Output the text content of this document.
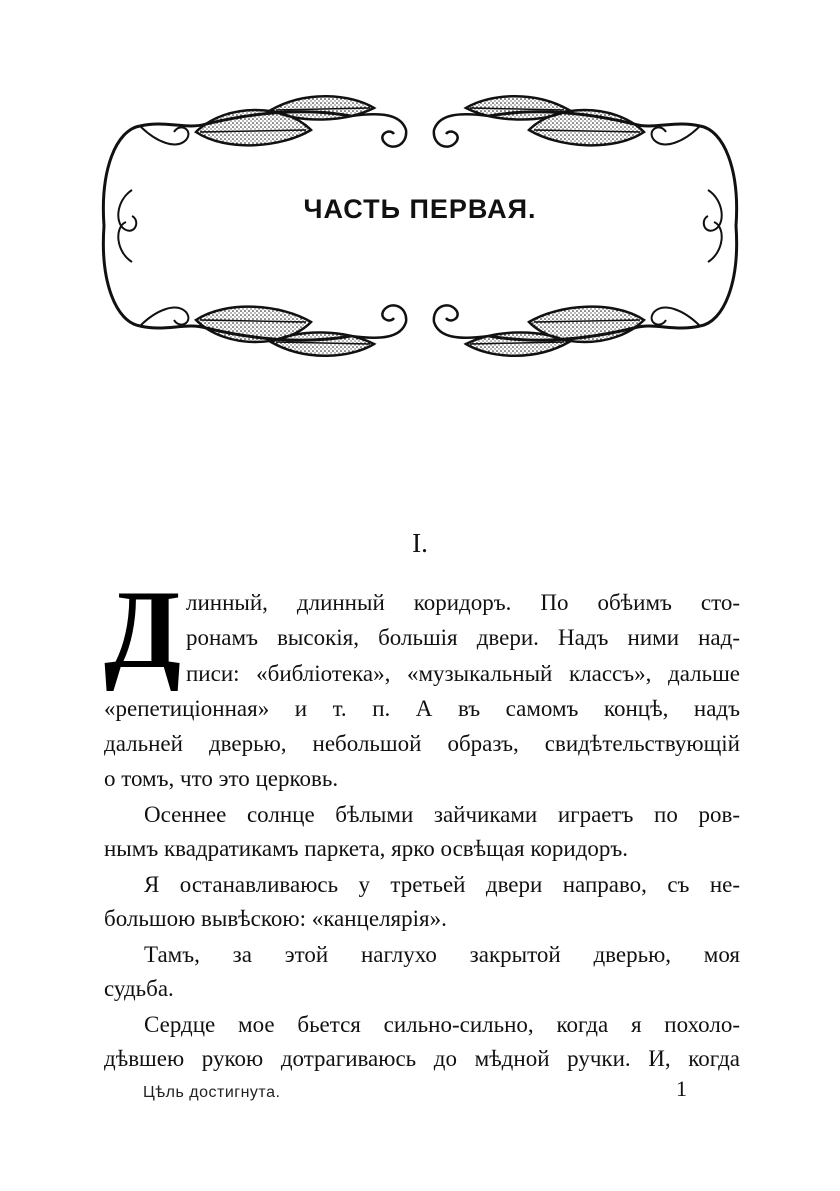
ЧАСТЬ ПЕРВАЯ.
I.
Д линный, длинный коридоръ. По обѣимъ сто-
ронамъ высокія, большія двери. Надъ ними над-
писи: «библіотека», «музыкальный классъ», дальше
«репетиціонная» и т. п. А въ самомъ концѣ, надъ
дальней дверью, небольшой образъ, свидѣтельствующій
о томъ, что это церковь.
Осеннее солнце бѣлыми зайчиками играетъ по ров-
нымъ квадратикамъ паркета, ярко освѣщая коридоръ.
Я останавливаюсь у третьей двери направо, съ не-
большою вывѣскою: «канцелярія».
Тамъ, за этой наглухо закрытой дверью, моя
судьба.
Сердце мое бьется сильно-сильно, когда я похоло-
дѣвшею рукою дотрагиваюсь до мѣдной ручки. И, когда
Цѣль достигнута.	1
